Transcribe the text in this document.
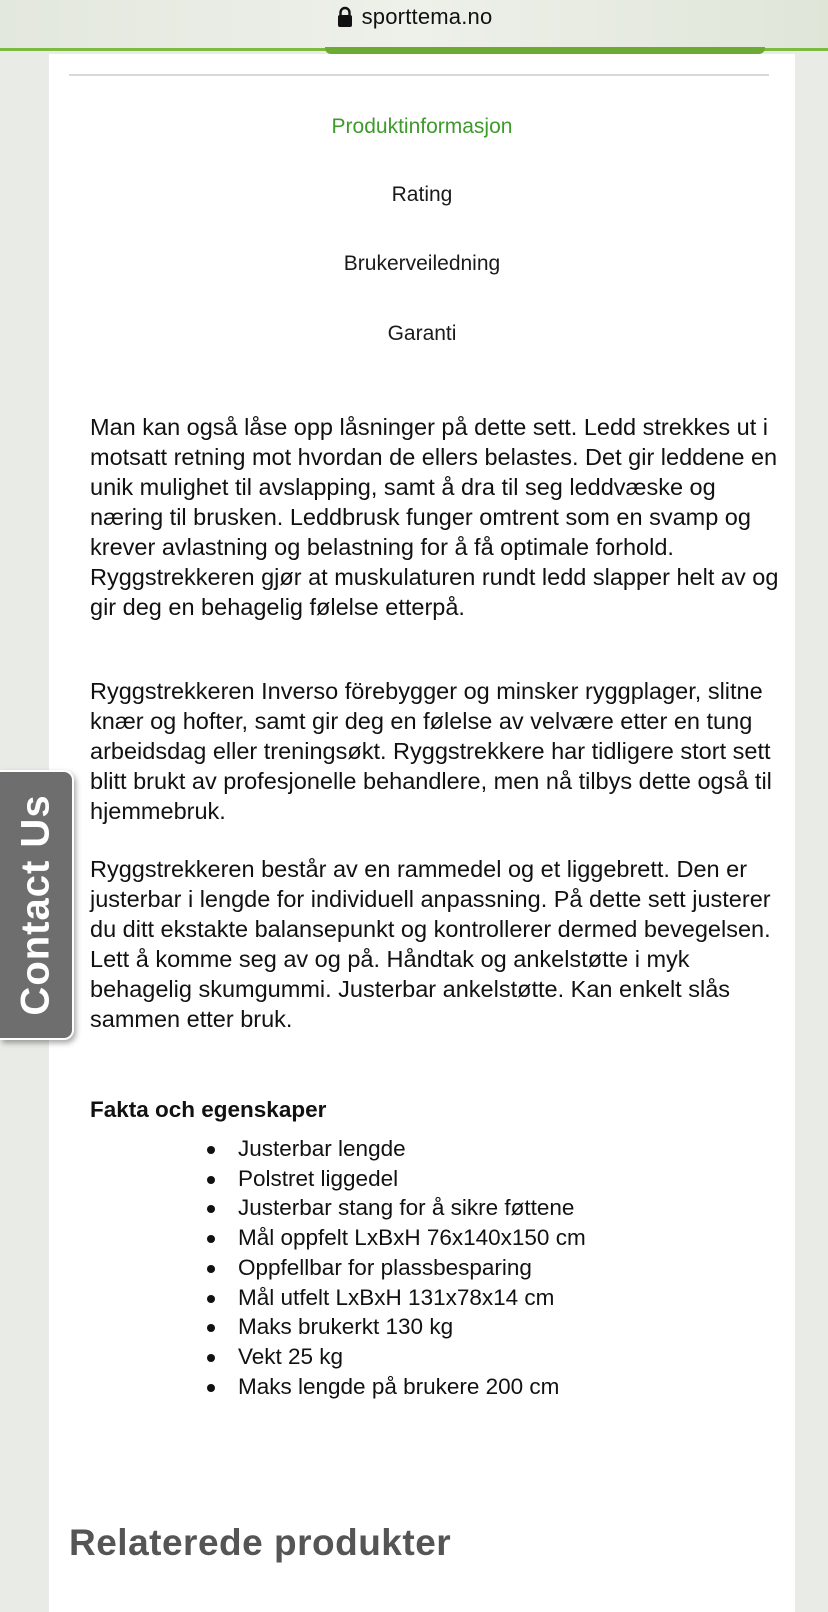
sporttema.no
Produktinformasjon
Rating
Brukerveiledning
Garanti
Man kan også låse opp låsninger på dette sett. Ledd strekkes ut i motsatt retning mot hvordan de ellers belastes. Det gir leddene en unik mulighet til avslapping, samt å dra til seg leddvæske og næring til brusken. Leddbrusk funger omtrent som en svamp og krever avlastning og belastning for å få optimale forhold. Ryggstrekkeren gjør at muskulaturen rundt ledd slapper helt av og gir deg en behagelig følelse etterpå.
Ryggstrekkeren Inverso förebygger og minsker ryggplager, slitne knær og hofter, samt gir deg en følelse av velvære etter en tung arbeidsdag eller treningsøkt. Ryggstrekkere har tidligere stort sett blitt brukt av profesjonelle behandlere, men nå tilbys dette også til hjemmebruk.
Ryggstrekkeren består av en rammedel og et liggebrett. Den er justerbar i lengde for individuell anpassning. På dette sett justerer du ditt ekstakte balansepunkt og kontrollerer dermed bevegelsen. Lett å komme seg av og på. Håndtak og ankelstøtte i myk behagelig skumgummi. Justerbar ankelstøtte. Kan enkelt slås sammen etter bruk.
Fakta och egenskaper
Justerbar lengde
Polstret liggedel
Justerbar stang for å sikre føttene
Mål oppfelt LxBxH 76x140x150 cm
Oppfellbar for plassbesparing
Mål utfelt LxBxH 131x78x14 cm
Maks brukerkt 130 kg
Vekt 25 kg
Maks lengde på brukere 200 cm
Relaterede produkter
Contact Us
